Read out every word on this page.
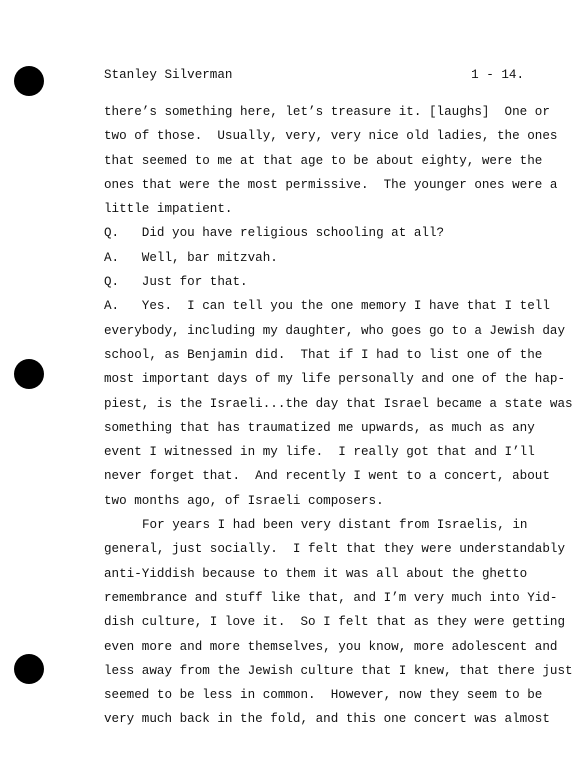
Stanley Silverman	1 - 14.
there’s something here, let’s treasure it. [laughs]  One or
two of those.  Usually, very, very nice old ladies, the ones
that seemed to me at that age to be about eighty, were the
ones that were the most permissive.  The younger ones were a
little impatient.
Q.   Did you have religious schooling at all?
A.   Well, bar mitzvah.
Q.   Just for that.
A.   Yes.  I can tell you the one memory I have that I tell
everybody, including my daughter, who goes go to a Jewish day
school, as Benjamin did.  That if I had to list one of the
most important days of my life personally and one of the hap-
piest, is the Israeli...the day that Israel became a state was
something that has traumatized me upwards, as much as any
event I witnessed in my life.  I really got that and I’ll
never forget that.  And recently I went to a concert, about
two months ago, of Israeli composers.
For years I had been very distant from Israelis, in
general, just socially.  I felt that they were understandably
anti-Yiddish because to them it was all about the ghetto
remembrance and stuff like that, and I’m very much into Yid-
dish culture, I love it.  So I felt that as they were getting
even more and more themselves, you know, more adolescent and
less away from the Jewish culture that I knew, that there just
seemed to be less in common.  However, now they seem to be
very much back in the fold, and this one concert was almost
